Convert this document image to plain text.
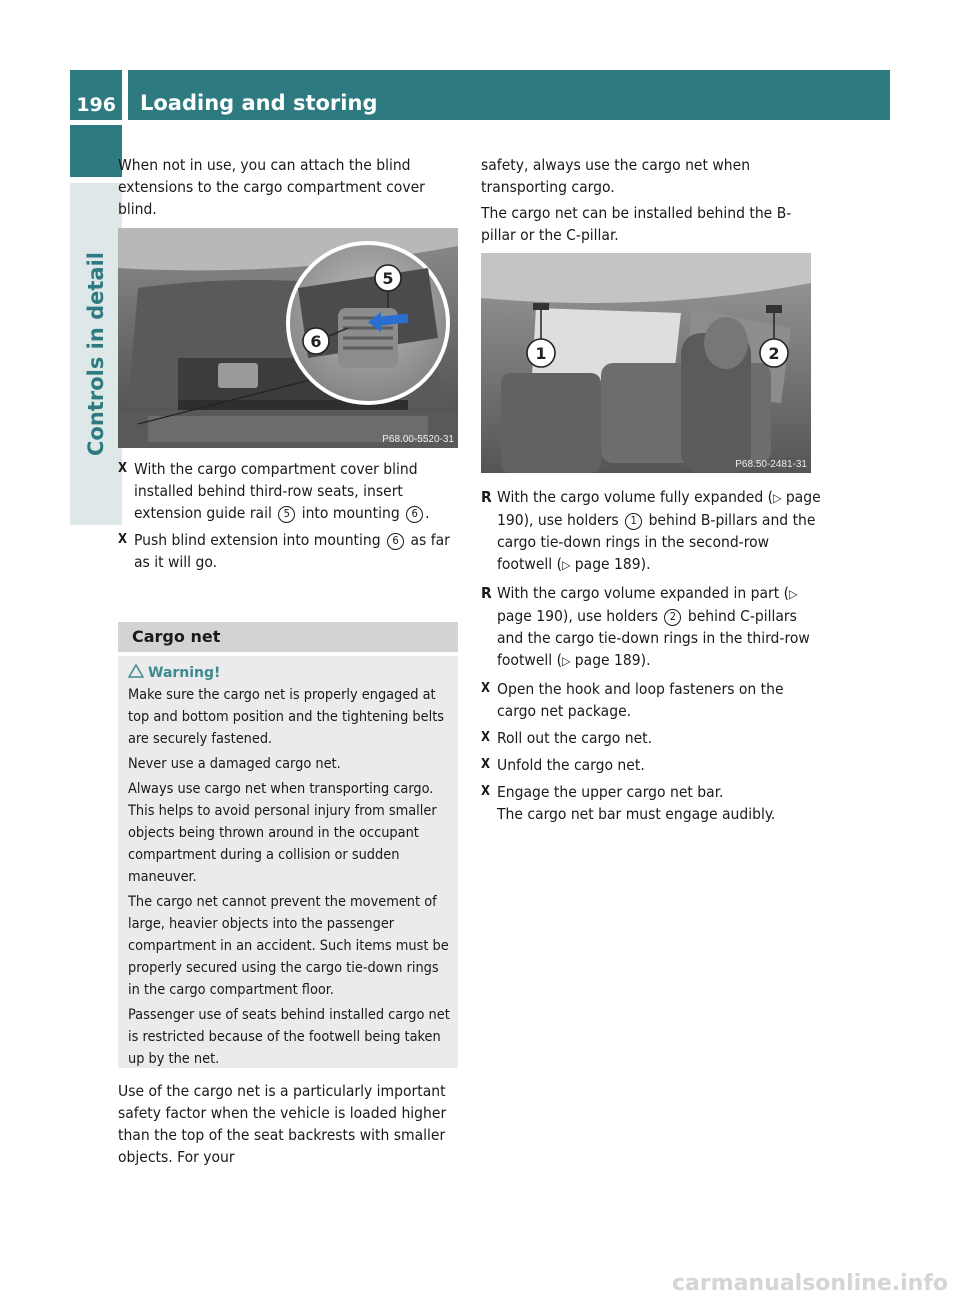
196	Loading and storing
Controls in detail

When not in use, you can attach the blind extensions to the cargo compartment cover blind.

5
6
P68.00-5520-31
X With the cargo compartment cover blind installed behind third-row seats, insert extension guide rail 5 into mounting 6 .
X Push blind extension into mounting 6 as far as it will go.
Cargo net
Warning!

Make sure the cargo net is properly engaged at top and bottom position and the tightening belts are securely fastened.

Never use a damaged cargo net.

Always use cargo net when transporting cargo. This helps to avoid personal injury from smaller objects being thrown around in the occupant compartment during a collision or sudden maneuver.

The cargo net cannot prevent the movement of large, heavier objects into the passenger compartment in an accident. Such items must be properly secured using the cargo tie-down rings in the cargo compartment floor.

Passenger use of seats behind installed cargo net is restricted because of the footwell being taken up by the net.

Use of the cargo net is a particularly important safety factor when the vehicle is loaded higher than the top of the seat backrests with smaller objects. For your

safety, always use the cargo net when transporting cargo.

The cargo net can be installed behind the B-pillar or the C-pillar.

1	2
P68.50-2481-31
R With the cargo volume fully expanded (▷ page 190), use holders 1 behind B-pillars and the cargo tie-down rings in the second-row footwell (▷ page 189).
R With the cargo volume expanded in part (▷ page 190), use holders 2 behind C-pillars and the cargo tie-down rings in the third-row footwell (▷ page 189).
X Open the hook and loop fasteners on the cargo net package.
X Roll out the cargo net.
X Unfold the cargo net.
X Engage the upper cargo net bar.
The cargo net bar must engage audibly.
carmanualsonline.info
